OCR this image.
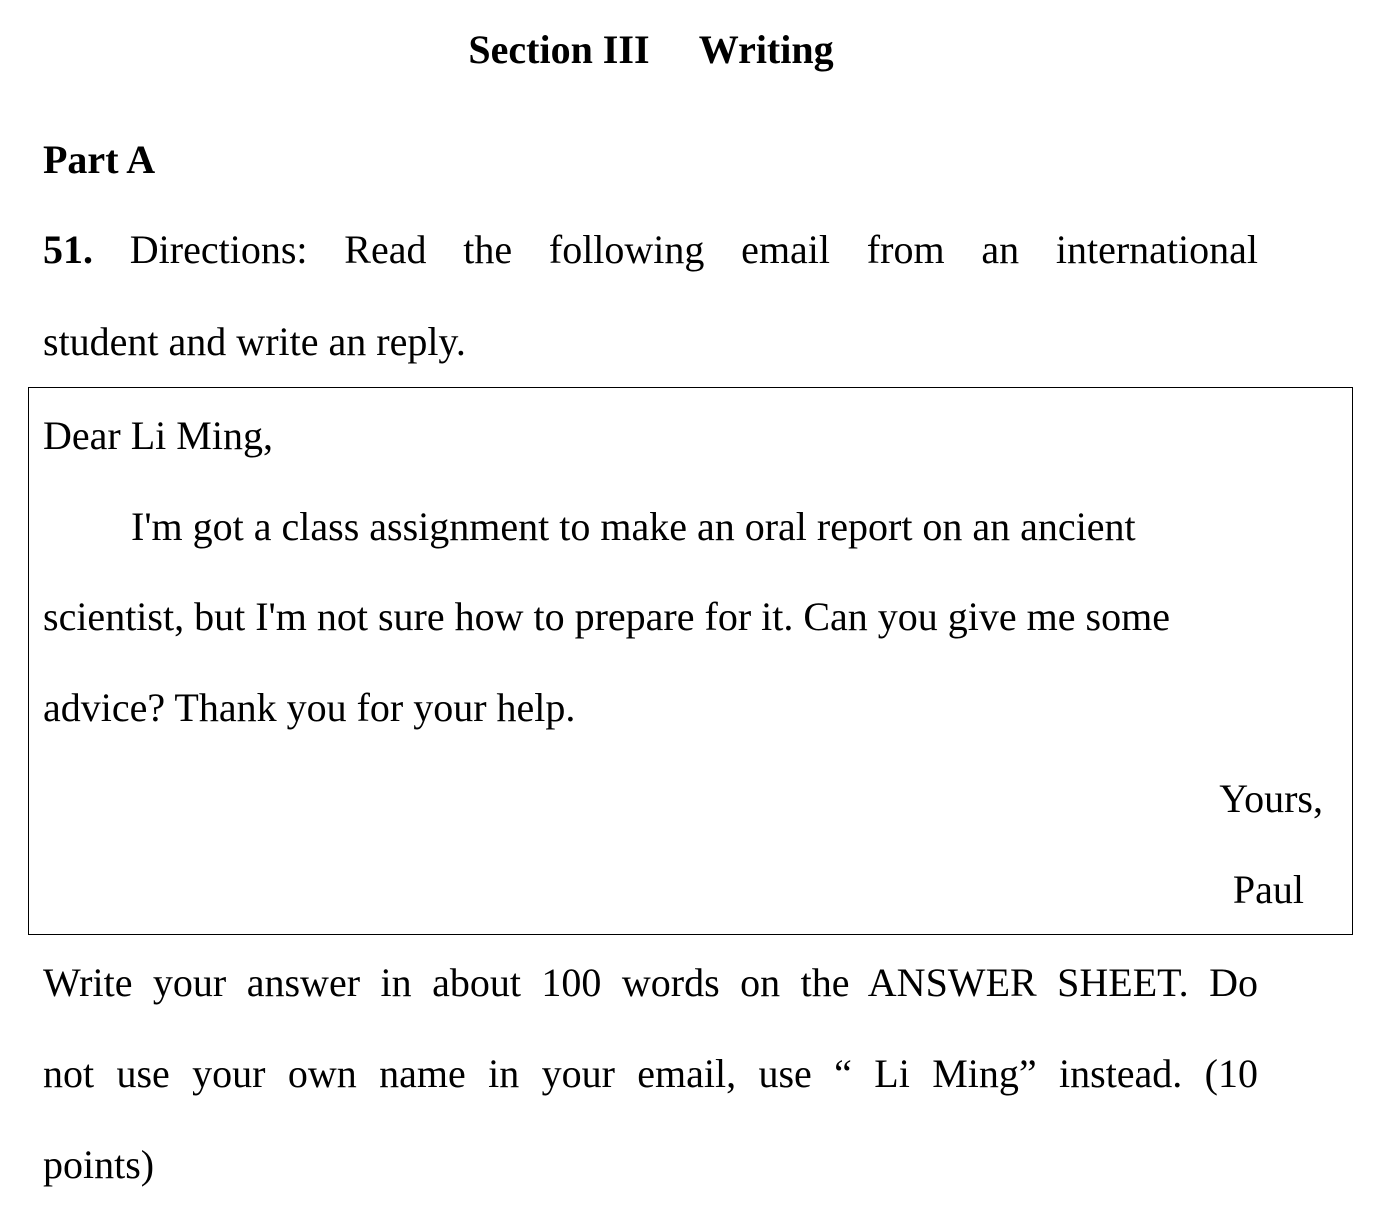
Section III     Writing
Part A
51. Directions: Read the following email from an international
student and write an reply.
Dear Li Ming,
I'm got a class assignment to make an oral report on an ancient
scientist, but I'm not sure how to prepare for it. Can you give me some
advice? Thank you for your help.
Yours,
Paul
Write your answer in about 100 words on the ANSWER SHEET. Do
not use your own name in your email, use “ Li Ming” instead. (10
points)
